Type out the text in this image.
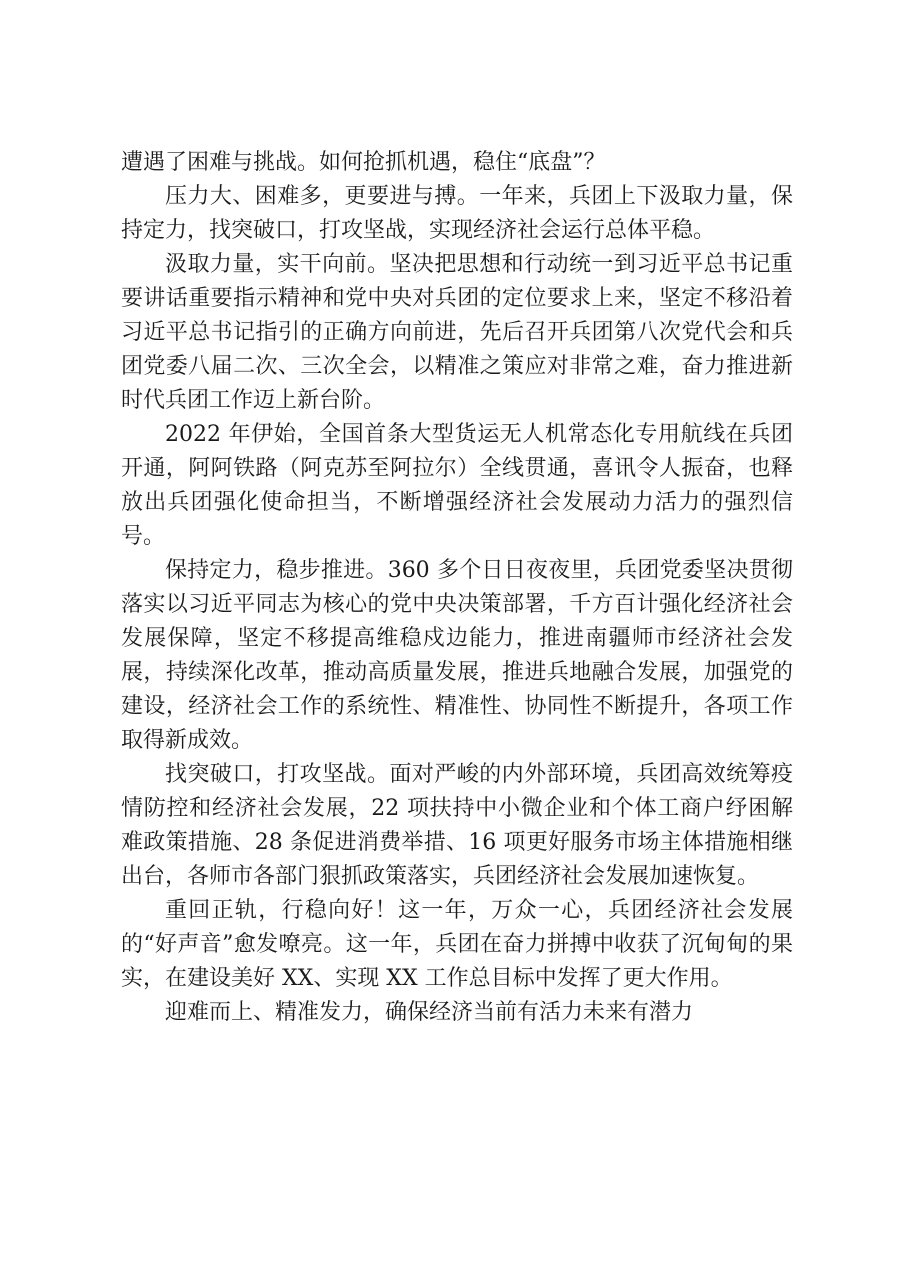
遭遇了困难与挑战。如何抢抓机遇，稳住“底盘”？

压力大、困难多，更要进与搏。一年来，兵团上下汲取力量，保持定力，找突破口，打攻坚战，实现经济社会运行总体平稳。

汲取力量，实干向前。坚决把思想和行动统一到习近平总书记重要讲话重要指示精神和党中央对兵团的定位要求上来，坚定不移沿着习近平总书记指引的正确方向前进，先后召开兵团第八次党代会和兵团党委八届二次、三次全会，以精准之策应对非常之难，奋力推进新时代兵团工作迈上新台阶。

2022 年伊始，全国首条大型货运无人机常态化专用航线在兵团开通，阿阿铁路（阿克苏至阿拉尔）全线贯通，喜讯令人振奋，也释放出兵团强化使命担当，不断增强经济社会发展动力活力的强烈信号。

保持定力，稳步推进。360 多个日日夜夜里，兵团党委坚决贯彻落实以习近平同志为核心的党中央决策部署，千方百计强化经济社会发展保障，坚定不移提高维稳戍边能力，推进南疆师市经济社会发展，持续深化改革，推动高质量发展，推进兵地融合发展，加强党的建设，经济社会工作的系统性、精准性、协同性不断提升，各项工作取得新成效。

找突破口，打攻坚战。面对严峻的内外部环境，兵团高效统筹疫情防控和经济社会发展，22 项扶持中小微企业和个体工商户纾困解难政策措施、28 条促进消费举措、16 项更好服务市场主体措施相继出台，各师市各部门狠抓政策落实，兵团经济社会发展加速恢复。

重回正轨，行稳向好！这一年，万众一心，兵团经济社会发展的“好声音”愈发嘹亮。这一年，兵团在奋力拼搏中收获了沉甸甸的果实，在建设美好 XX、实现 XX 工作总目标中发挥了更大作用。

迎难而上、精准发力，确保经济当前有活力未来有潜力
